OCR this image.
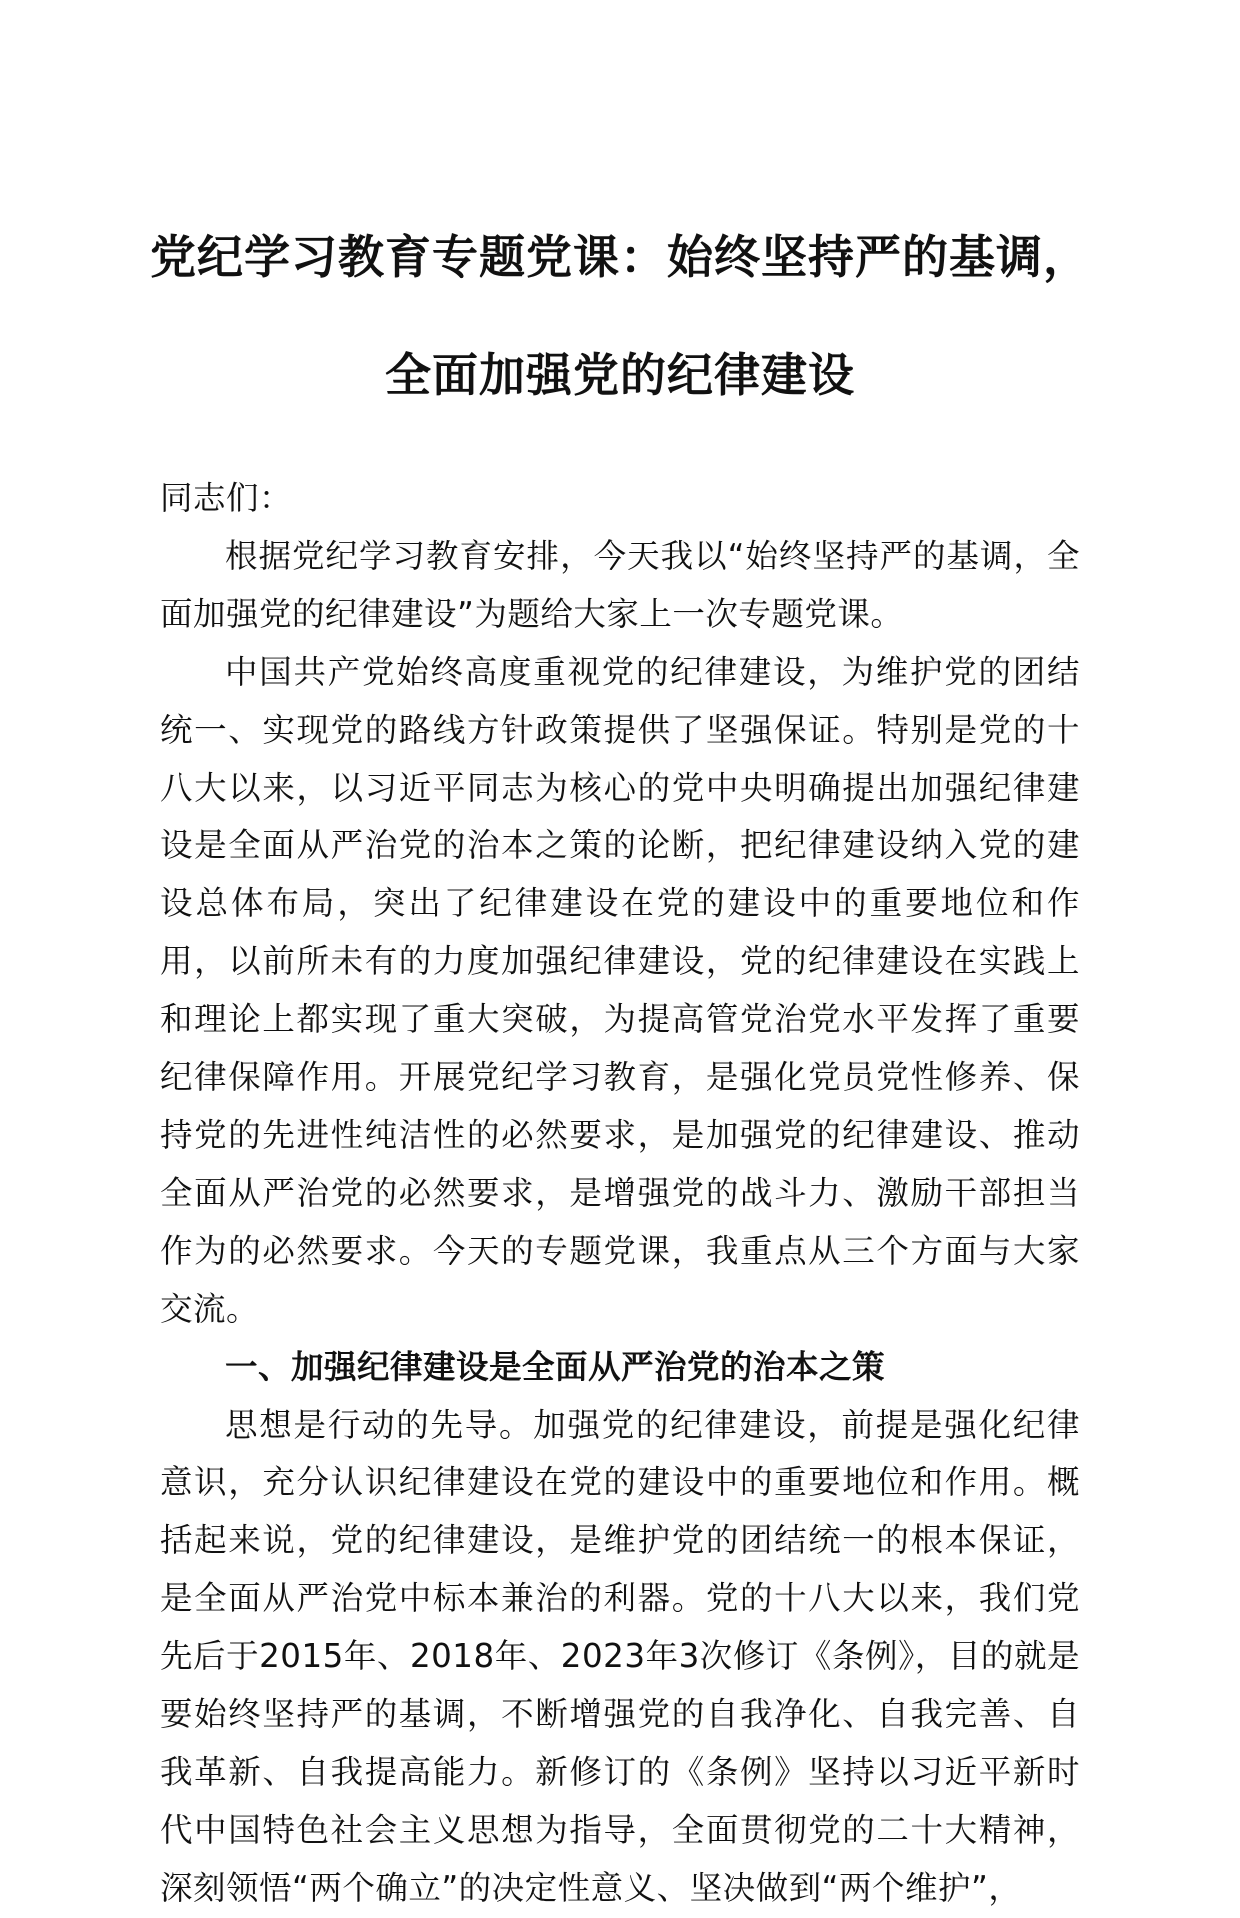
党纪学习教育专题党课：始终坚持严的基调，
全面加强党的纪律建设

同志们：

根据党纪学习教育安排，今天我以“始终坚持严的基调，全面加强党的纪律建设”为题给大家上一次专题党课。

中国共产党始终高度重视党的纪律建设，为维护党的团结统一、实现党的路线方针政策提供了坚强保证。特别是党的十八大以来，以习近平同志为核心的党中央明确提出加强纪律建设是全面从严治党的治本之策的论断，把纪律建设纳入党的建设总体布局，突出了纪律建设在党的建设中的重要地位和作用，以前所未有的力度加强纪律建设，党的纪律建设在实践上和理论上都实现了重大突破，为提高管党治党水平发挥了重要纪律保障作用。开展党纪学习教育，是强化党员党性修养、保持党的先进性纯洁性的必然要求，是加强党的纪律建设、推动全面从严治党的必然要求，是增强党的战斗力、激励干部担当作为的必然要求。今天的专题党课，我重点从三个方面与大家交流。

一、加强纪律建设是全面从严治党的治本之策

思想是行动的先导。加强党的纪律建设，前提是强化纪律意识，充分认识纪律建设在党的建设中的重要地位和作用。概括起来说，党的纪律建设，是维护党的团结统一的根本保证，是全面从严治党中标本兼治的利器。党的十八大以来，我们党先后于2015年、2018年、2023年3次修订《条例》，目的就是要始终坚持严的基调，不断增强党的自我净化、自我完善、自我革新、自我提高能力。新修订的《条例》坚持以习近平新时代中国特色社会主义思想为指导，全面贯彻党的二十大精神，深刻领悟“两个确立”的决定性意义、坚决做到“两个维护”，
